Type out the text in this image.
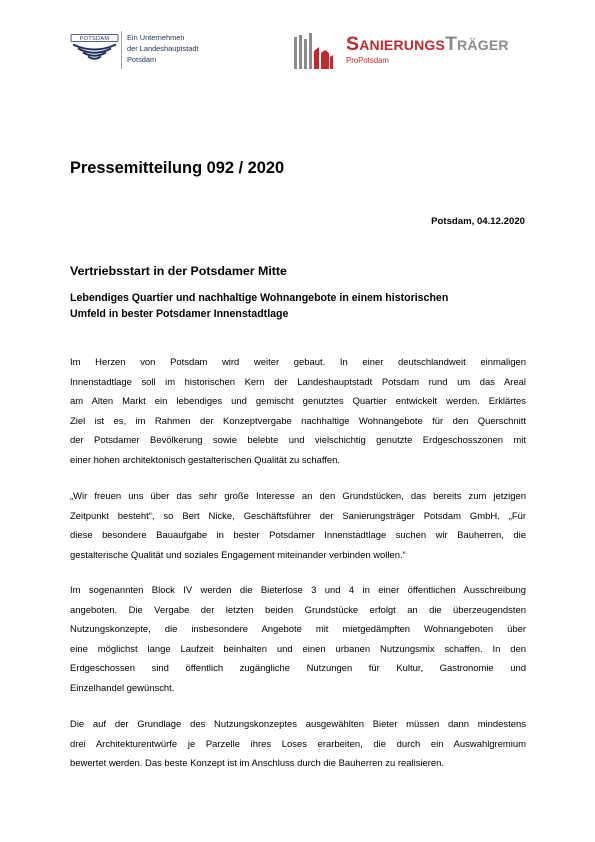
POTSDAM Ein Unternehmen
der Landeshauptstadt
Potsdam
SanierungsTräger
ProPotsdam
Pressemitteilung 092 / 2020
Potsdam, 04.12.2020
Vertriebsstart in der Potsdamer Mitte
Lebendiges Quartier und nachhaltige Wohnangebote in einem historischen
Umfeld in bester Potsdamer Innenstadtlage
Im Herzen von Potsdam wird weiter gebaut. In einer deutschlandweit einmaligen
Innenstadtlage soll im historischen Kern der Landeshauptstadt Potsdam rund um das Areal
am Alten Markt ein lebendiges und gemischt genutztes Quartier entwickelt werden. Erklärtes
Ziel ist es, im Rahmen der Konzeptvergabe nachhaltige Wohnangebote für den Querschnitt
der Potsdamer Bevölkerung sowie belebte und vielschichtig genutzte Erdgeschosszonen mit
einer hohen architektonisch gestalterischen Qualität zu schaffen.
„Wir freuen uns über das sehr große Interesse an den Grundstücken, das bereits zum jetzigen
Zeitpunkt besteht“, so Bert Nicke, Geschäftsführer der Sanierungsträger Potsdam GmbH. „Für
diese besondere Bauaufgabe in bester Potsdamer Innenstadtlage suchen wir Bauherren, die
gestalterische Qualität und soziales Engagement miteinander verbinden wollen.“
Im sogenannten Block IV werden die Bieterlose 3 und 4 in einer öffentlichen Ausschreibung
angeboten. Die Vergabe der letzten beiden Grundstücke erfolgt an die überzeugendsten
Nutzungskonzepte, die insbesondere Angebote mit mietgedämpften Wohnangeboten über
eine möglichst lange Laufzeit beinhalten und einen urbanen Nutzungsmix schaffen. In den
Erdgeschossen sind öffentlich zugängliche Nutzungen für Kultur, Gastronomie und
Einzelhandel gewünscht.
Die auf der Grundlage des Nutzungskonzeptes ausgewählten Bieter müssen dann mindestens
drei Architekturentwürfe je Parzelle ihres Loses erarbeiten, die durch ein Auswahlgremium
bewertet werden. Das beste Konzept ist im Anschluss durch die Bauherren zu realisieren.
